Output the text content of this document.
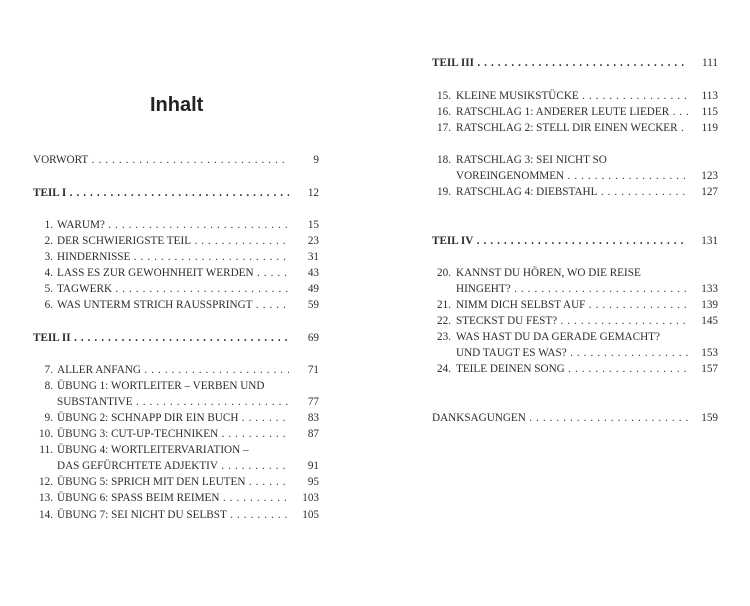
Inhalt
VORWORT . . .	9
TEIL I . . .	12
1. WARUM? . . .	15
2. DER SCHWIERIGSTE TEIL . . .	23
3. HINDERNISSE . . .	31
4. LASS ES ZUR GEWOHNHEIT WERDEN . . .	43
5. TAGWERK . . .	49
6. WAS UNTERM STRICH RAUSSPRINGT . . .	59
TEIL II . . .	69
7. ALLER ANFANG . . .	71
8. ÜBUNG 1: WORTLEITER – VERBEN UND
SUBSTANTIVE . . .	77
9. ÜBUNG 2: SCHNAPP DIR EIN BUCH . . .	83
10. ÜBUNG 3: CUT-UP-TECHNIKEN . . .	87
11. ÜBUNG 4: WORTLEITERVARIATION –
DAS GEFÜRCHTETE ADJEKTIV . . .	91
12. ÜBUNG 5: SPRICH MIT DEN LEUTEN . . .	95
13. ÜBUNG 6: SPASS BEIM REIMEN . . .	103
14. ÜBUNG 7: SEI NICHT DU SELBST . . .	105
TEIL III . . .	111
15. KLEINE MUSIKSTÜCKE . . .	113
16. RATSCHLAG 1: ANDERER LEUTE LIEDER . . .	115
17. RATSCHLAG 2: STELL DIR EINEN WECKER . . .	119
18. RATSCHLAG 3: SEI NICHT SO
VOREINGENOMMEN . . .	123
19. RATSCHLAG 4: DIEBSTAHL . . .	127
TEIL IV . . .	131
20. KANNST DU HÖREN, WO DIE REISE
HINGEHT? . . .	133
21. NIMM DICH SELBST AUF . . .	139
22. STECKST DU FEST? . . .	145
23. WAS HAST DU DA GERADE GEMACHT?
UND TAUGT ES WAS? . . .	153
24. TEILE DEINEN SONG . . .	157
DANKSAGUNGEN . . .	159
